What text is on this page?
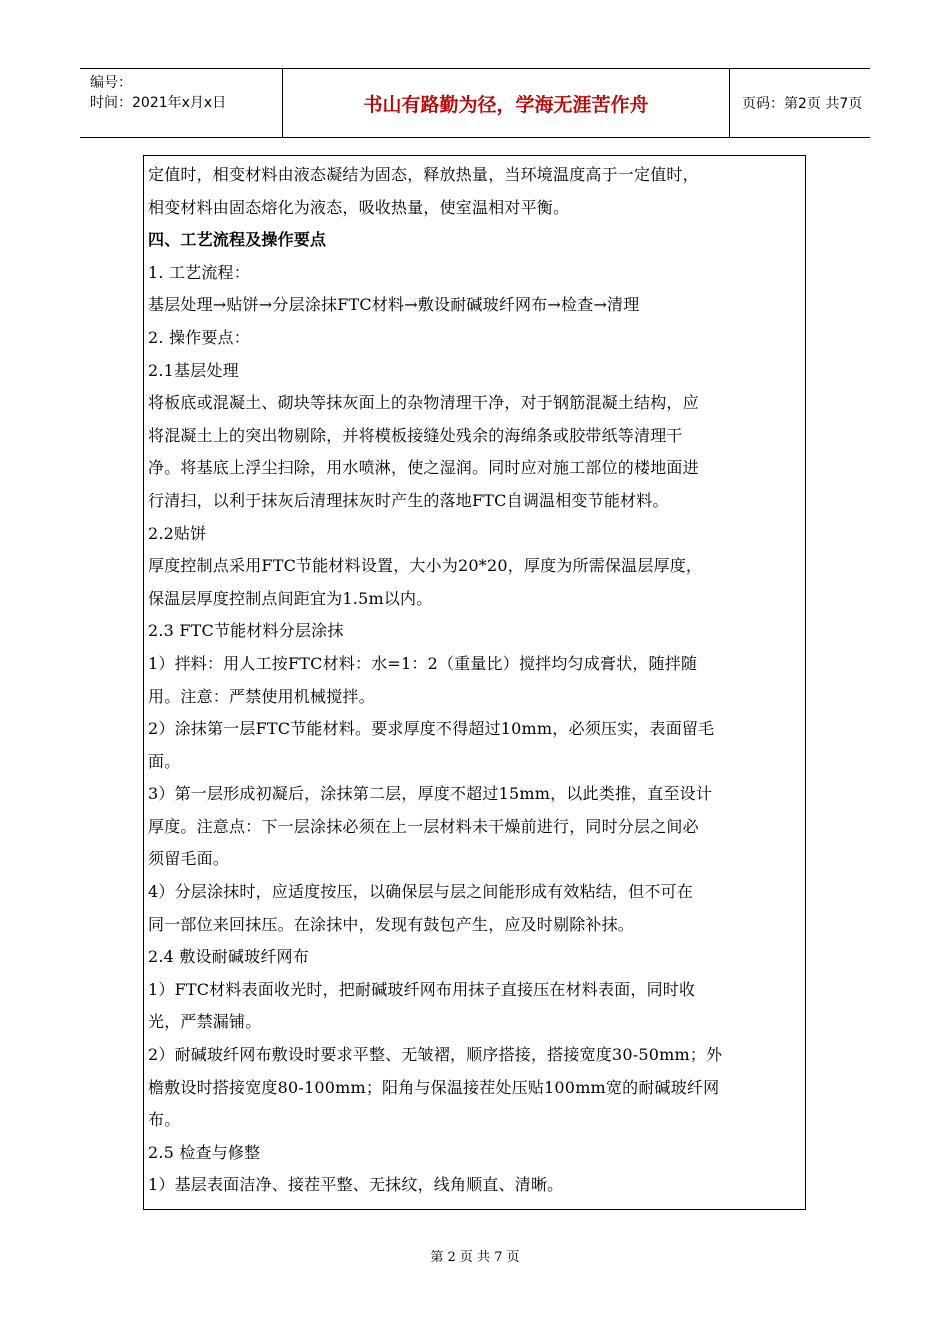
编号：
时间：2021年x月x日	书山有路勤为径，学海无涯苦作舟	页码：第2页 共7页
定值时，相变材料由液态凝结为固态，释放热量，当环境温度高于一定值时，
相变材料由固态熔化为液态，吸收热量，使室温相对平衡。
四、工艺流程及操作要点
1. 工艺流程：
基层处理→贴饼→分层涂抹FTC材料→敷设耐碱玻纤网布→检查→清理
2. 操作要点：
2.1基层处理
将板底或混凝土、砌块等抹灰面上的杂物清理干净，对于钢筋混凝土结构，应
将混凝土上的突出物剔除，并将模板接缝处残余的海绵条或胶带纸等清理干
净。将基底上浮尘扫除，用水喷淋，使之湿润。同时应对施工部位的楼地面进
行清扫，以利于抹灰后清理抹灰时产生的落地FTC自调温相变节能材料。
2.2贴饼
厚度控制点采用FTC节能材料设置，大小为20*20，厚度为所需保温层厚度，
保温层厚度控制点间距宜为1.5m以内。
2.3 FTC节能材料分层涂抹
1）拌料：用人工按FTC材料：水=1：2（重量比）搅拌均匀成膏状，随拌随
用。注意：严禁使用机械搅拌。
2）涂抹第一层FTC节能材料。要求厚度不得超过10mm，必须压实，表面留毛
面。
3）第一层形成初凝后，涂抹第二层，厚度不超过15mm，以此类推，直至设计
厚度。注意点：下一层涂抹必须在上一层材料未干燥前进行，同时分层之间必
须留毛面。
4）分层涂抹时，应适度按压，以确保层与层之间能形成有效粘结，但不可在
同一部位来回抹压。在涂抹中，发现有鼓包产生，应及时剔除补抹。
2.4 敷设耐碱玻纤网布
1）FTC材料表面收光时，把耐碱玻纤网布用抹子直接压在材料表面，同时收
光，严禁漏铺。
2）耐碱玻纤网布敷设时要求平整、无皱褶，顺序搭接，搭接宽度30-50mm；外
檐敷设时搭接宽度80-100mm；阳角与保温接茬处压贴100mm宽的耐碱玻纤网
布。
2.5 检查与修整
1）基层表面洁净、接茬平整、无抹纹，线角顺直、清晰。
第 2 页 共 7 页
